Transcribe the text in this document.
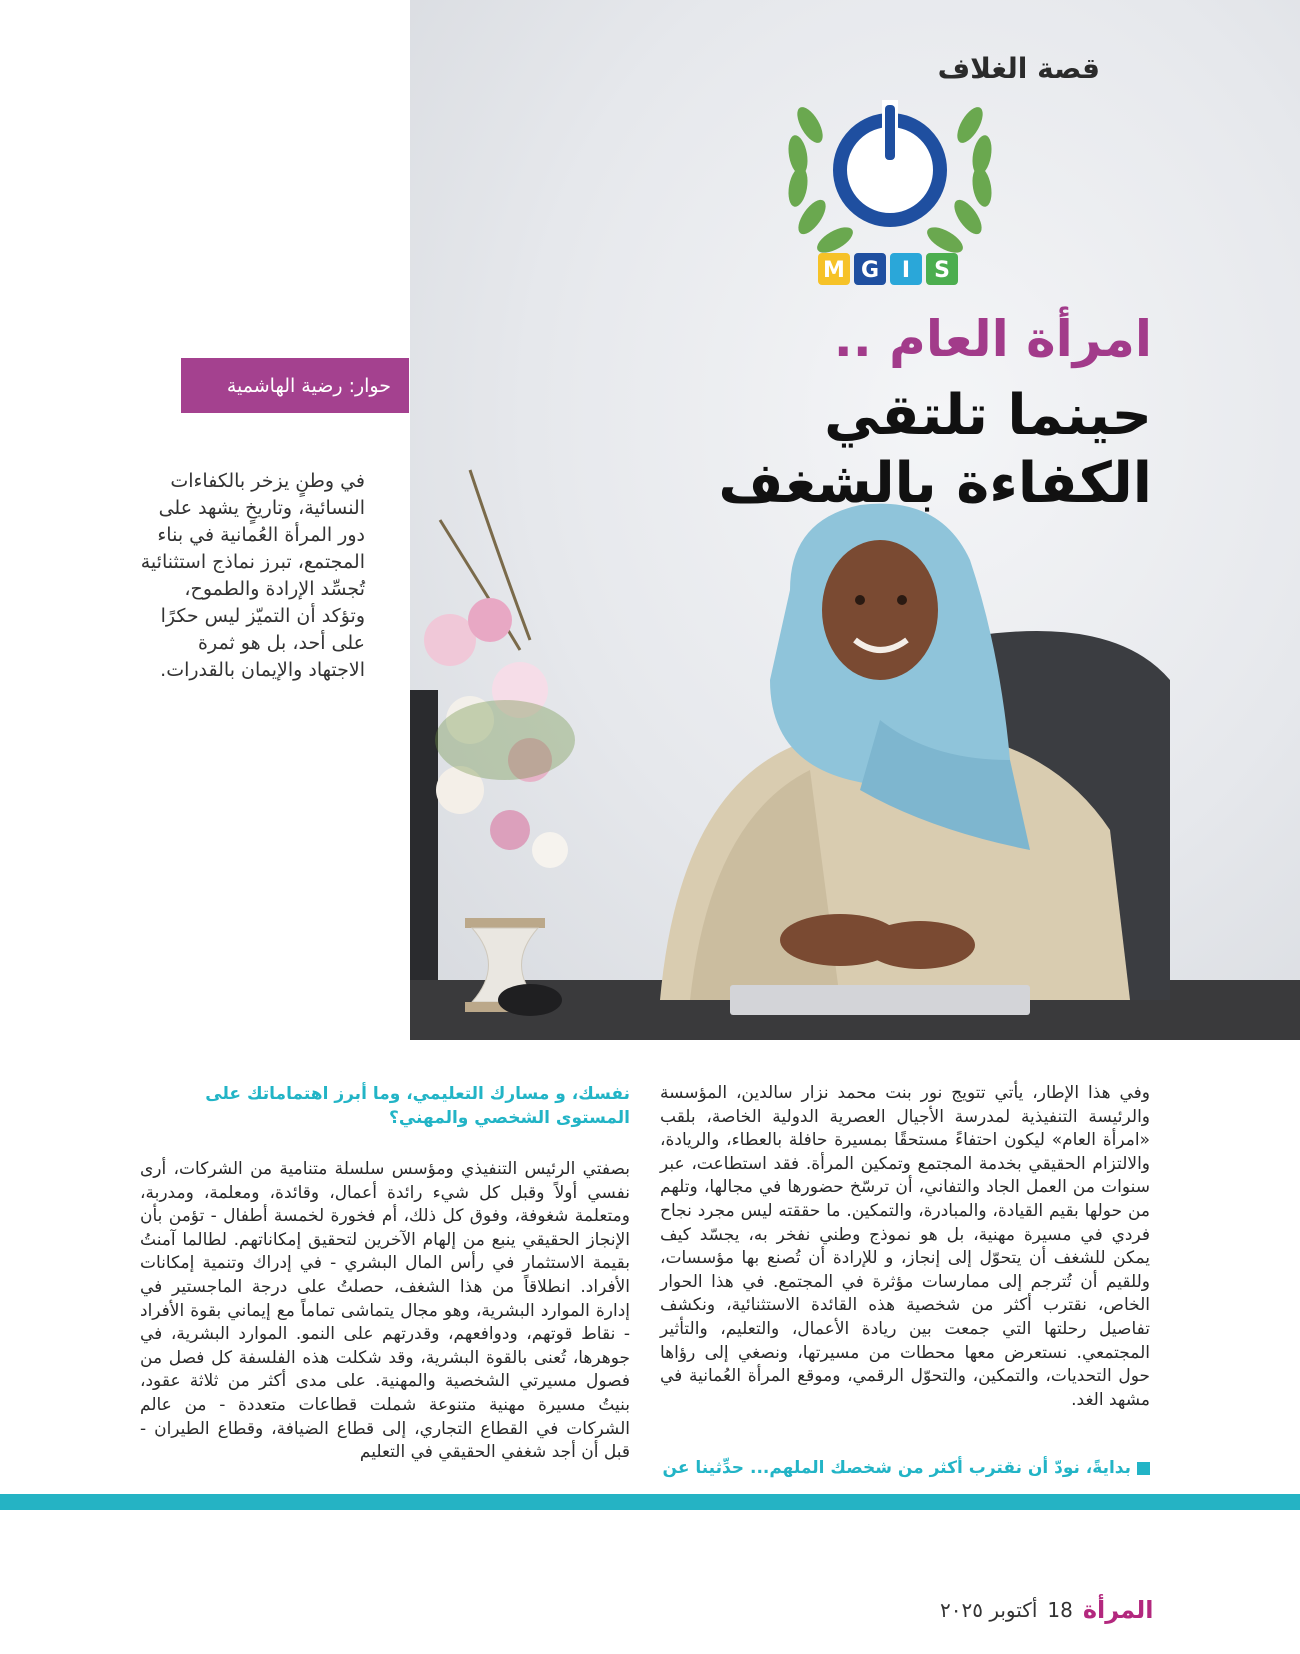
قصة الغلاف
M G I S
امرأة العام ..
حينما تلتقي
الكفاءة بالشغف
حوار: رضية الهاشمية
في وطنٍ يزخر بالكفاءات النسائية، وتاريخٍ يشهد على دور المرأة العُمانية في بناء المجتمع، تبرز نماذج استثنائية تُجسِّد الإرادة والطموح، وتؤكد أن التميّز ليس حكرًا على أحد، بل هو ثمرة الاجتهاد والإيمان بالقدرات.
وفي هذا الإطار، يأتي تتويج نور بنت محمد نزار سالدين، المؤسسة والرئيسة التنفيذية لمدرسة الأجيال العصرية الدولية الخاصة، بلقب «امرأة العام» ليكون احتفاءً مستحقًا بمسيرة حافلة بالعطاء، والريادة، والالتزام الحقيقي بخدمة المجتمع وتمكين المرأة. فقد استطاعت، عبر سنوات من العمل الجاد والتفاني، أن ترسّخ حضورها في مجالها، وتلهم من حولها بقيم القيادة، والمبادرة، والتمكين. ما حققته ليس مجرد نجاح فردي في مسيرة مهنية، بل هو نموذج وطني نفخر به، يجسّد كيف يمكن للشغف أن يتحوّل إلى إنجاز، و للإرادة أن تُصنع بها مؤسسات، وللقيم أن تُترجم إلى ممارسات مؤثرة في المجتمع. في هذا الحوار الخاص، نقترب أكثر من شخصية هذه القائدة الاستثنائية، ونكشف تفاصيل رحلتها التي جمعت بين ريادة الأعمال، والتعليم، والتأثير المجتمعي. نستعرض معها محطات من مسيرتها، ونصغي إلى رؤاها حول التحديات، والتمكين، والتحوّل الرقمي، وموقع المرأة العُمانية في مشهد الغد.
بدايةً، نودّ أن نقترب أكثر من شخصك الملهم... حدِّثينا عن
نفسك، و مسارك التعليمي، وما أبرز اهتماماتك على المستوى الشخصي والمهني؟
بصفتي الرئيس التنفيذي ومؤسس سلسلة متنامية من الشركات، أرى نفسي أولاً وقبل كل شيء رائدة أعمال، وقائدة، ومعلمة، ومدربة، ومتعلمة شغوفة، وفوق كل ذلك، أم فخورة لخمسة أطفال - تؤمن بأن الإنجاز الحقيقي ينبع من إلهام الآخرين لتحقيق إمكاناتهم. لطالما آمنتُ بقيمة الاستثمار في رأس المال البشري - في إدراك وتنمية إمكانات الأفراد. انطلاقاً من هذا الشغف، حصلتُ على درجة الماجستير في إدارة الموارد البشرية، وهو مجال يتماشى تماماً مع إيماني بقوة الأفراد - نقاط قوتهم، ودوافعهم، وقدرتهم على النمو. الموارد البشرية، في جوهرها، تُعنى بالقوة البشرية، وقد شكلت هذه الفلسفة كل فصل من فصول مسيرتي الشخصية والمهنية. على مدى أكثر من ثلاثة عقود، بنيتُ مسيرة مهنية متنوعة شملت قطاعات متعددة - من عالم الشركات في القطاع التجاري، إلى قطاع الضيافة، وقطاع الطيران - قبل أن أجد شغفي الحقيقي في التعليم
المرأة
18
أكتوبر ٢٠٢٥
